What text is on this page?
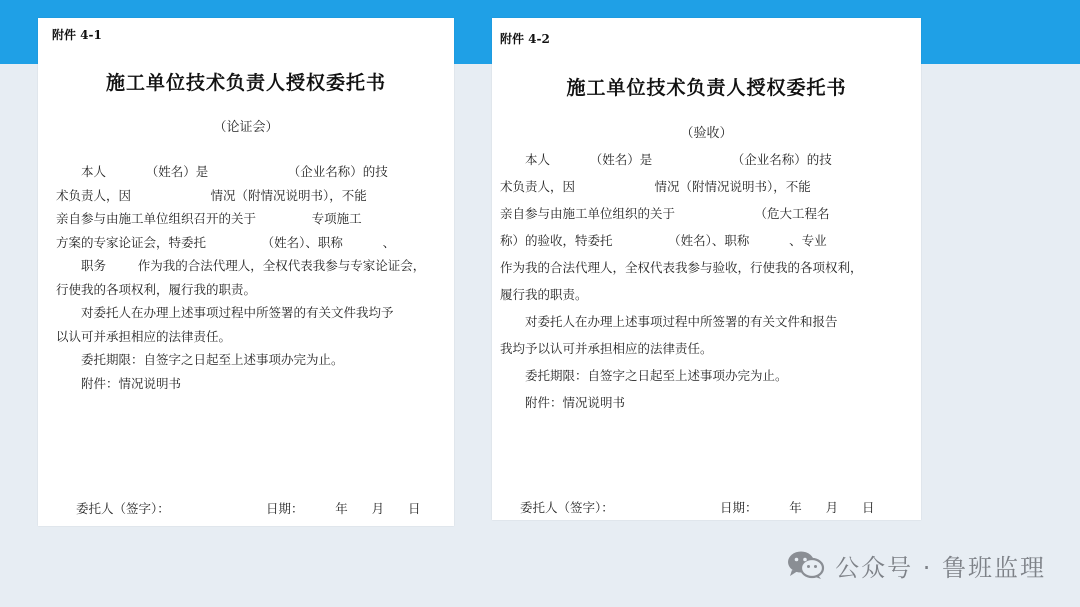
附件 4-1
施工单位技术负责人授权委托书
（论证会）
本人          （姓名）是                    （企业名称）的技
术负责人，因                    情况（附情况说明书），不能
亲自参与由施工单位组织召开的关于              专项施工
方案的专家论证会，特委托              （姓名）、职称          、
职务        作为我的合法代理人，全权代表我参与专家论证会，
行使我的各项权利，履行我的职责。
对委托人在办理上述事项过程中所签署的有关文件我均予
以认可并承担相应的法律责任。
委托期限：自签字之日起至上述事项办完为止。
附件：情况说明书
委托人（签字）：	日期：        年      月      日
附件 4-2
施工单位技术负责人授权委托书
（验收）
本人          （姓名）是                    （企业名称）的技
术负责人，因                    情况（附情况说明书），不能
亲自参与由施工单位组织的关于                    （危大工程名
称）的验收，特委托              （姓名）、职称          、专业
作为我的合法代理人，全权代表我参与验收，行使我的各项权利，
履行我的职责。
对委托人在办理上述事项过程中所签署的有关文件和报告
我均予以认可并承担相应的法律责任。
委托期限：自签字之日起至上述事项办完为止。
附件：情况说明书
委托人（签字）：	日期：        年      月      日
公众号 · 鲁班监理
